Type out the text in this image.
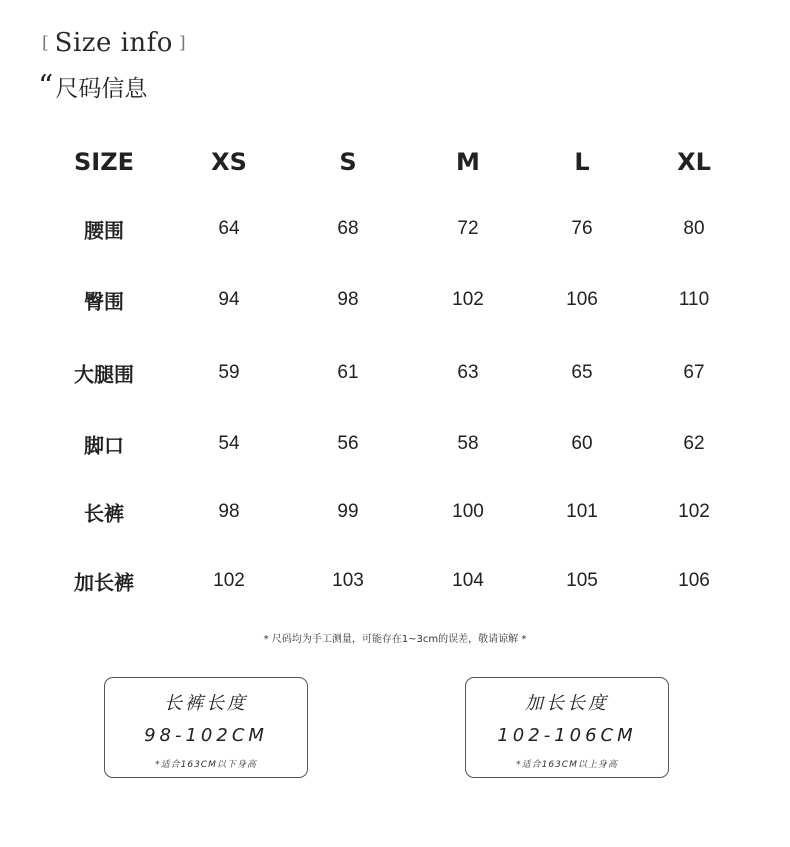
[ Size info ]
“ 尺码信息
SIZE	XS	S	M	L	XL
腰围	64	68	72	76	80
臀围	94	98	102	106	110
大腿围	59	61	63	65	67
脚口	54	56	58	60	62
长裤	98	99	100	101	102
加长裤	102	103	104	105	106
* 尺码均为手工测量，可能存在1~3cm的误差，敬请谅解 *
长裤长度
98-102CM
*适合163CM以下身高
加长长度
102-106CM
*适合163CM以上身高
